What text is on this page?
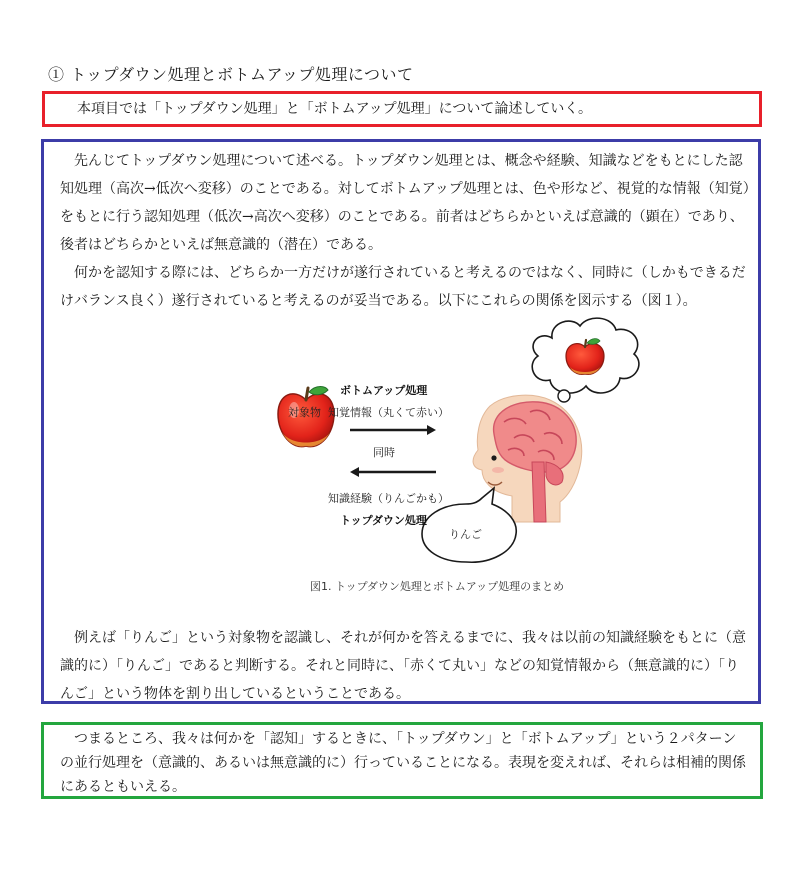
① トップダウン処理とボトムアップ処理について

本項目では「トップダウン処理」と「ボトムアップ処理」について論述していく。

先んじてトップダウン処理について述べる。トップダウン処理とは、概念や経験、知識などをもとにした認知処理（高次→低次へ変移）のことである。対してボトムアップ処理とは、色や形など、視覚的な情報（知覚）をもとに行う認知処理（低次→高次へ変移）のことである。前者はどちらかといえば意識的（顕在）であり、後者はどちらかといえば無意識的（潜在）である。

何かを認知する際には、どちらか一方だけが遂行されていると考えるのではなく、同時に（しかもできるだけバランス良く）遂行されていると考えるのが妥当である。以下にこれらの関係を図示する（図１）。

ボトムアップ処理
対象物 知覚情報（丸くて赤い）
同時
知識経験（りんごかも）
トップダウン処理
りんご
図1. トップダウン処理とボトムアップ処理のまとめ

例えば「りんご」という対象物を認識し、それが何かを答えるまでに、我々は以前の知識経験をもとに（意識的に）「りんご」であると判断する。それと同時に、「赤くて丸い」などの知覚情報から（無意識的に）「りんご」という物体を割り出しているということである。

つまるところ、我々は何かを「認知」するときに、「トップダウン」と「ボトムアップ」という２パターンの並行処理を（意識的、あるいは無意識的に）行っていることになる。表現を変えれば、それらは相補的関係にあるともいえる。
